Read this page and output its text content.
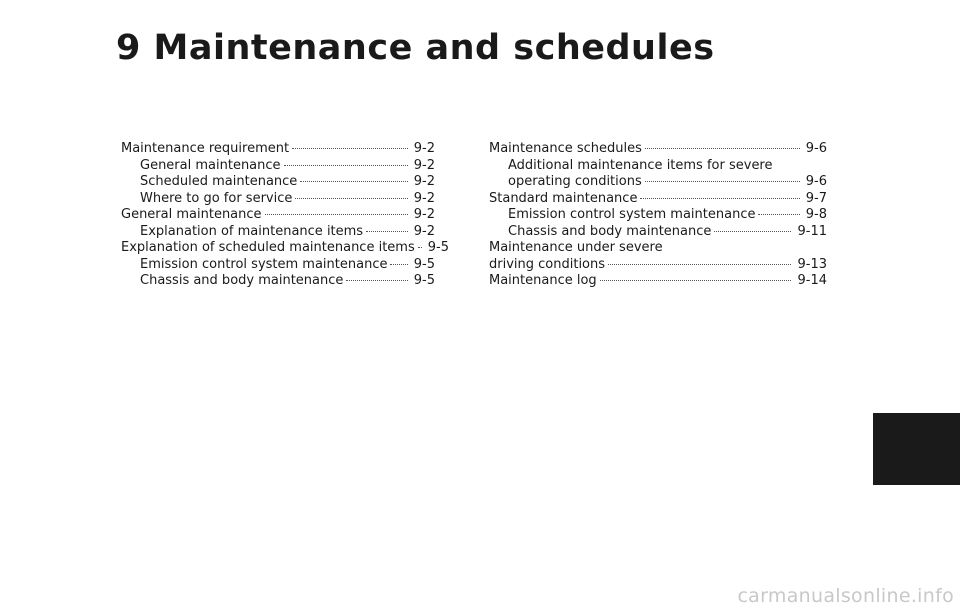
9 Maintenance and schedules
Maintenance requirement	9-2
General maintenance	9-2
Scheduled maintenance	9-2
Where to go for service	9-2
General maintenance	9-2
Explanation of maintenance items	9-2
Explanation of scheduled maintenance items 9-5
Emission control system maintenance 9-5
Chassis and body maintenance	9-5
Maintenance schedules	9-6
Additional maintenance items for severe
operating conditions	9-6
Standard maintenance	9-7
Emission control system maintenance	9-8
Chassis and body maintenance	9-11
Maintenance under severe
driving conditions	9-13
Maintenance log	9-14
carmanualsonline.info
